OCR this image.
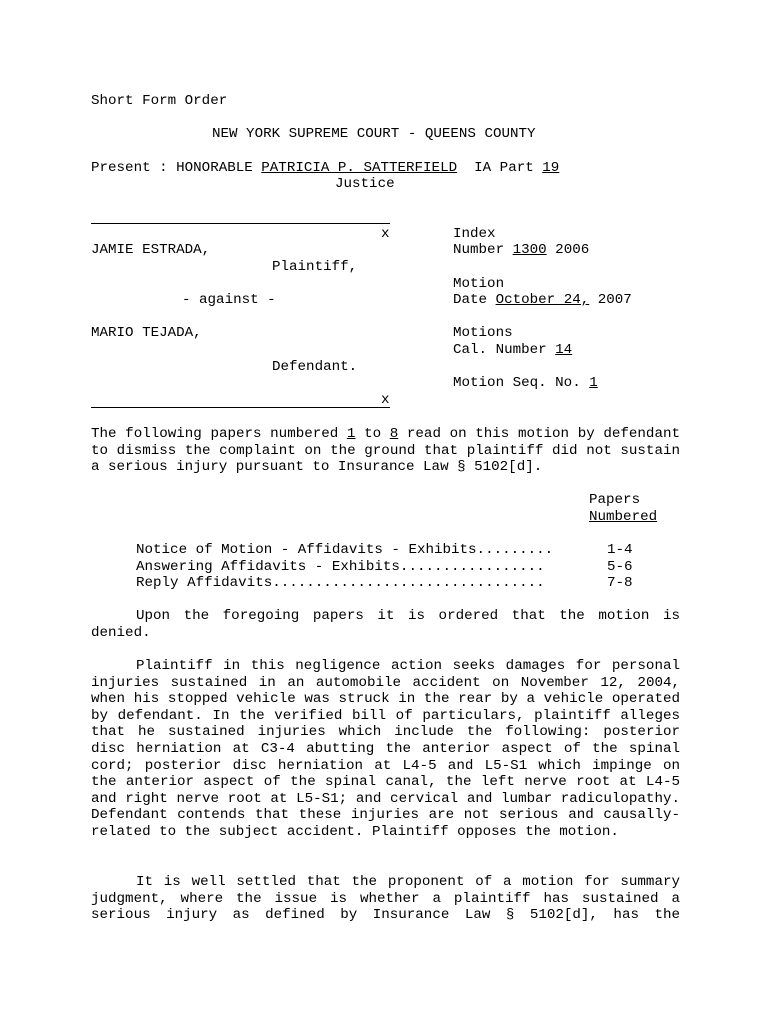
Short Form Order
NEW YORK SUPREME COURT - QUEENS COUNTY
Present : HONORABLE PATRICIA P. SATTERFIELD IA Part 19
Justice
x
JAMIE ESTRADA,
Plaintiff,
- against -
MARIO TEJADA,
Defendant.
x
Index
Number 1300 2006
Motion
Date October 24, 2007
Motions
Cal. Number 14
Motion Seq. No. 1
The following papers numbered 1 to 8 read on this motion by defendant to dismiss the complaint on the ground that plaintiff did not sustain a serious injury pursuant to Insurance Law § 5102[d].
Papers
Numbered
Notice of Motion - Affidavits - Exhibits.........	1-4
Answering Affidavits - Exhibits.................	5-6
Reply Affidavits................................	7-8
Upon the foregoing papers it is ordered that the motion is denied.
Plaintiff in this negligence action seeks damages for personal injuries sustained in an automobile accident on November 12, 2004, when his stopped vehicle was struck in the rear by a vehicle operated by defendant. In the verified bill of particulars, plaintiff alleges that he sustained injuries which include the following: posterior disc herniation at C3-4 abutting the anterior aspect of the spinal cord; posterior disc herniation at L4-5 and L5-S1 which impinge on the anterior aspect of the spinal canal, the left nerve root at L4-5 and right nerve root at L5-S1; and cervical and lumbar radiculopathy. Defendant contends that these injuries are not serious and causally-related to the subject accident. Plaintiff opposes the motion.
It is well settled that the proponent of a motion for summary judgment, where the issue is whether a plaintiff has sustained a serious injury as defined by Insurance Law § 5102[d], has the
